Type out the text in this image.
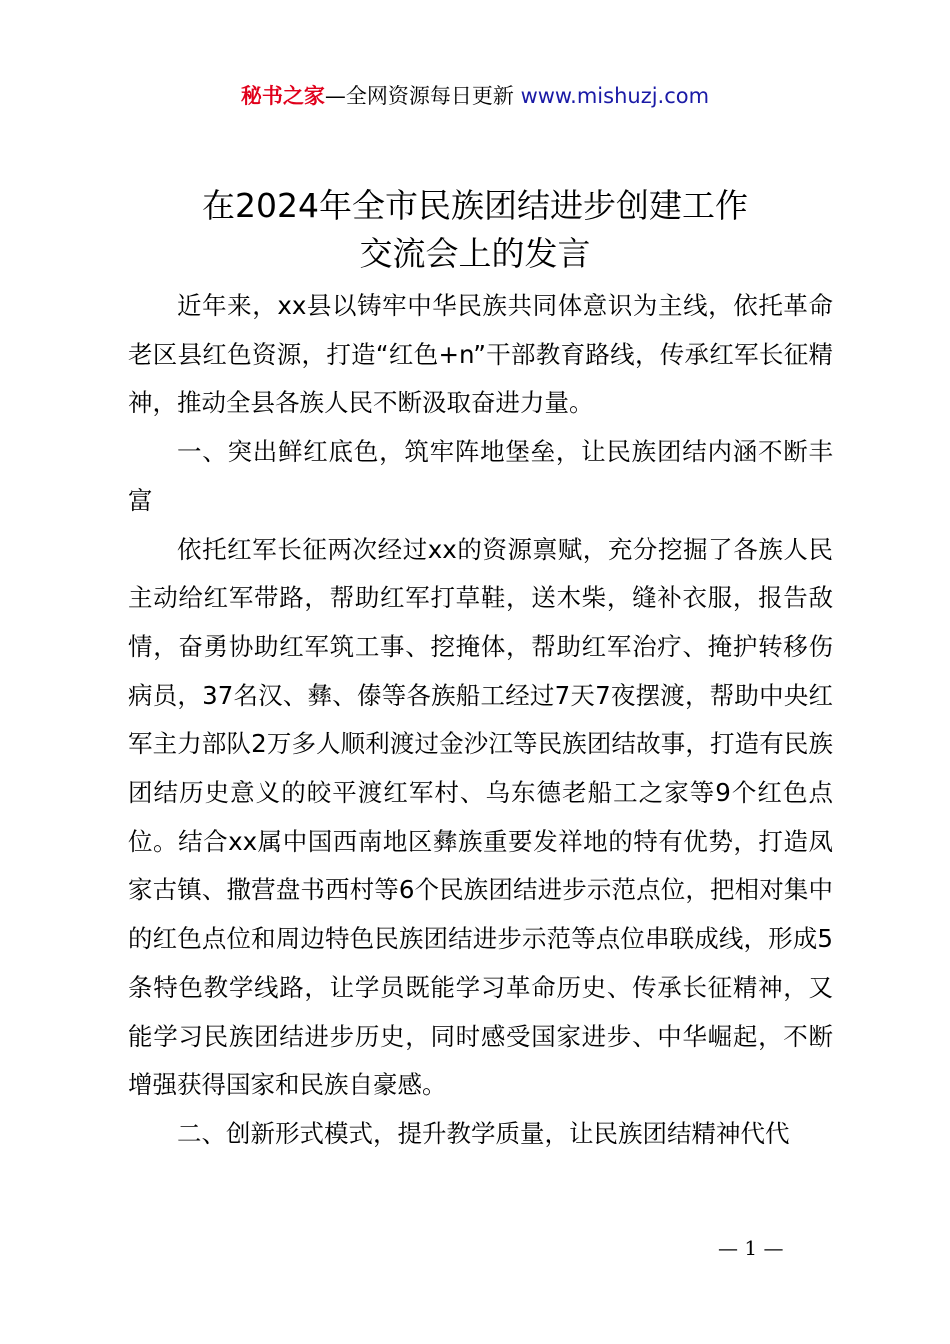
秘书之家—全网资源每日更新 www.mishuzj.com
在2024年全市民族团结进步创建工作
交流会上的发言

近年来，xx县以铸牢中华民族共同体意识为主线，依托革命老区县红色资源，打造“红色+n”干部教育路线，传承红军长征精神，推动全县各族人民不断汲取奋进力量。

一、突出鲜红底色，筑牢阵地堡垒，让民族团结内涵不断丰富

依托红军长征两次经过xx的资源禀赋，充分挖掘了各族人民主动给红军带路，帮助红军打草鞋，送木柴，缝补衣服，报告敌情，奋勇协助红军筑工事、挖掩体，帮助红军治疗、掩护转移伤病员，37名汉、彝、傣等各族船工经过7天7夜摆渡，帮助中央红军主力部队2万多人顺利渡过金沙江等民族团结故事，打造有民族团结历史意义的皎平渡红军村、乌东德老船工之家等9个红色点位。结合xx属中国西南地区彝族重要发祥地的特有优势，打造凤家古镇、撒营盘书西村等6个民族团结进步示范点位，把相对集中的红色点位和周边特色民族团结进步示范等点位串联成线，形成5条特色教学线路，让学员既能学习革命历史、传承长征精神，又能学习民族团结进步历史，同时感受国家进步、中华崛起，不断增强获得国家和民族自豪感。

二、创新形式模式，提升教学质量，让民族团结精神代代

— 1 —
